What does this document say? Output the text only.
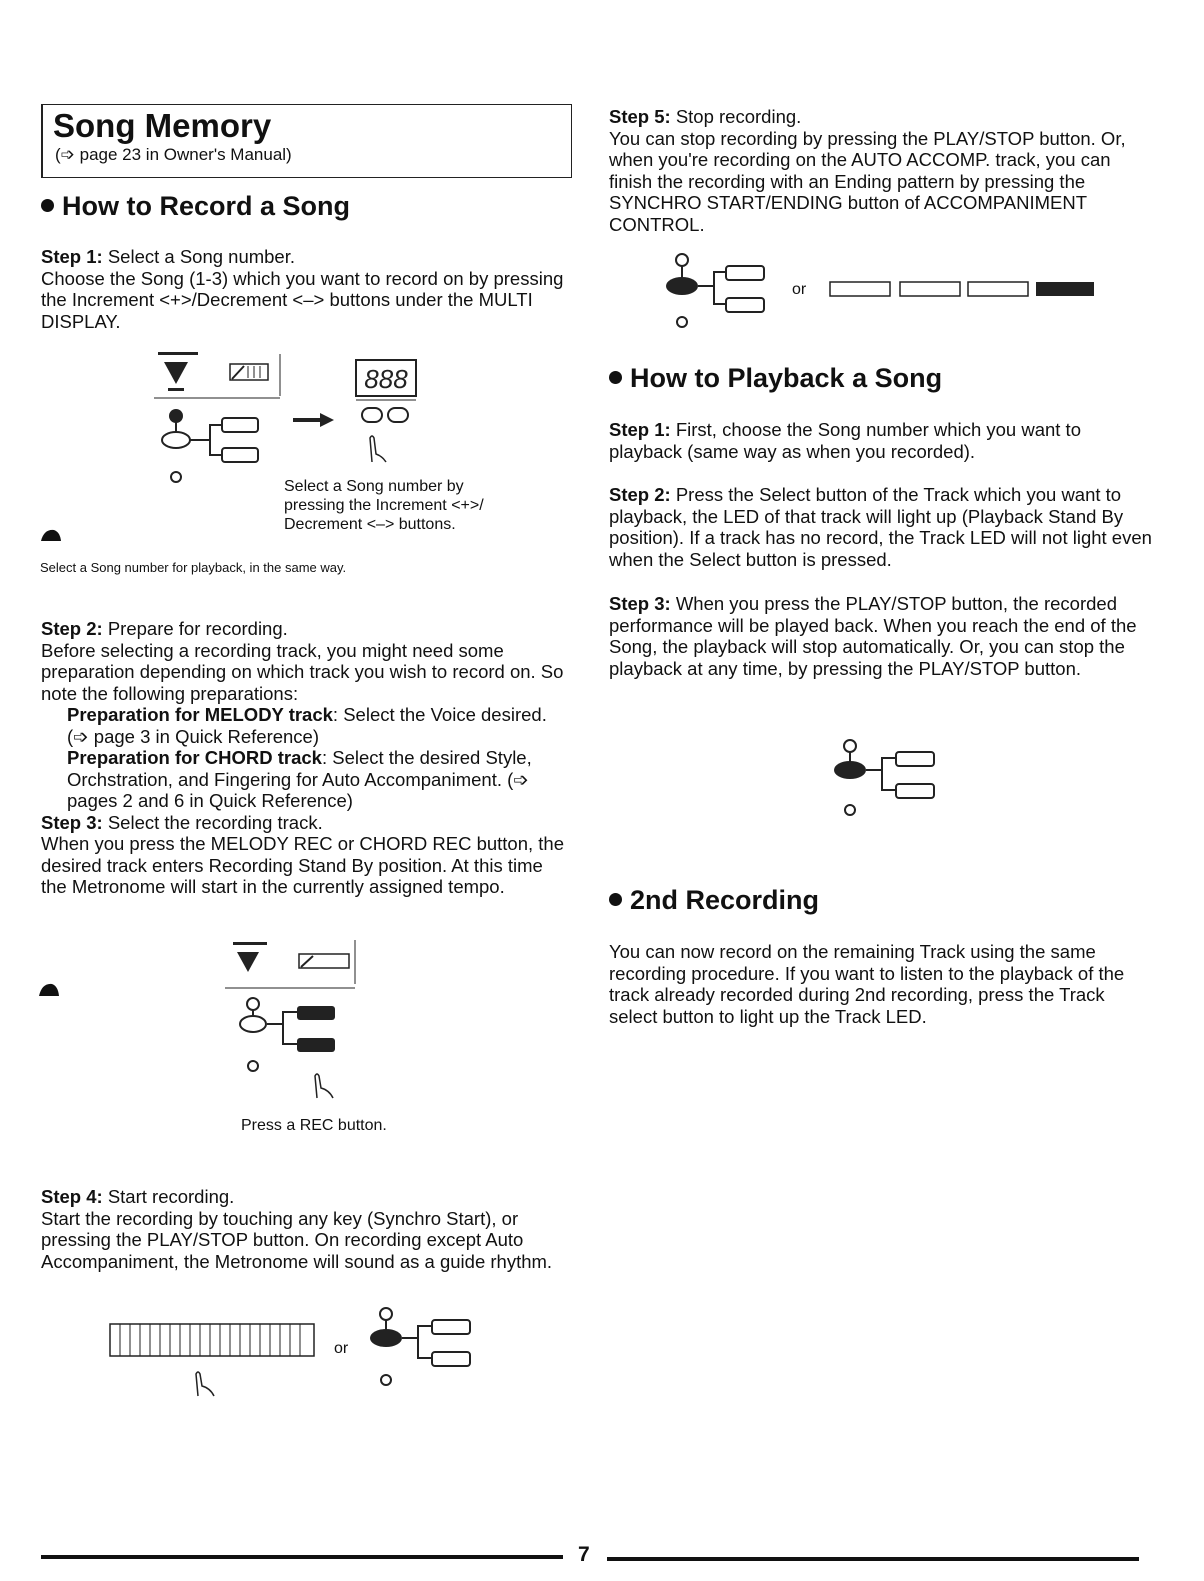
Song Memory
(➩ page 23 in Owner's Manual)
How to Record a Song

Step 1: Select a Song number.

Choose the Song (1-3) which you want to record on by pressing the Increment <+>/Decrement <–> buttons under the MULTI DISPLAY.

888

Select a Song number by

pressing the Increment <+>/

Decrement <–> buttons.

Select a Song number for playback, in the same way.

Step 2: Prepare for recording.

Before selecting a recording track, you might need some preparation depending on which track you wish to record on. So note the following preparations:

Preparation for MELODY track: Select the Voice desired. (➩ page 3 in Quick Reference)

Preparation for CHORD track: Select the desired Style, Orchstration, and Fingering for Auto Accompaniment. (➩ pages 2 and 6 in Quick Reference)

Step 3: Select the recording track.

When you press the MELODY REC or CHORD REC button, the desired track enters Recording Stand By position. At this time the Metronome will start in the currently assigned tempo.

Press a REC button.

Step 4: Start recording.

Start the recording by touching any key (Synchro Start), or pressing the PLAY/STOP button. On recording except Auto Accompaniment, the Metronome will sound as a guide rhythm.

or

Step 5: Stop recording.

You can stop recording by pressing the PLAY/STOP button. Or, when you're recording on the AUTO ACCOMP. track, you can finish the recording with an Ending pattern by pressing the SYNCHRO START/ENDING button of ACCOMPANIMENT CONTROL.

or
How to Playback a Song

Step 1: First, choose the Song number which you want to playback (same way as when you recorded).

Step 2: Press the Select button of the Track which you want to playback, the LED of that track will light up (Playback Stand By position). If a track has no record, the Track LED will not light even when the Select button is pressed.

Step 3: When you press the PLAY/STOP button, the recorded performance will be played back. When you reach the end of the Song, the playback will stop automatically. Or, you can stop the playback at any time, by pressing the PLAY/STOP button.

2nd Recording

You can now record on the remaining Track using the same recording procedure. If you want to listen to the playback of the track already recorded during 2nd recording, press the Track select button to light up the Track LED.

7
